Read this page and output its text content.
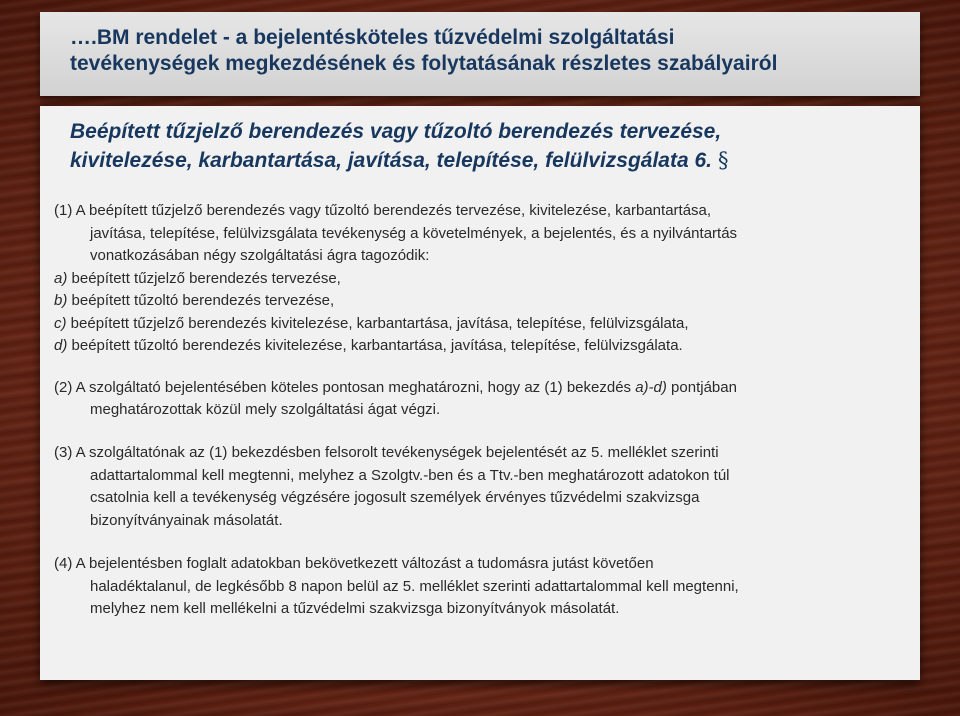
….BM rendelet - a bejelentésköteles tűzvédelmi szolgáltatási
tevékenységek megkezdésének és folytatásának részletes szabályairól
Beépített tűzjelző berendezés vagy tűzoltó berendezés tervezése,
kivitelezése, karbantartása, javítása, telepítése, felülvizsgálata 6. §
(1) A beépített tűzjelző berendezés vagy tűzoltó berendezés tervezése, kivitelezése, karbantartása,
javítása, telepítése, felülvizsgálata tevékenység a követelmények, a bejelentés, és a nyilvántartás
vonatkozásában négy szolgáltatási ágra tagozódik:
a) beépített tűzjelző berendezés tervezése,
b) beépített tűzoltó berendezés tervezése,
c) beépített tűzjelző berendezés kivitelezése, karbantartása, javítása, telepítése, felülvizsgálata,
d) beépített tűzoltó berendezés kivitelezése, karbantartása, javítása, telepítése, felülvizsgálata.
(2) A szolgáltató bejelentésében köteles pontosan meghatározni, hogy az (1) bekezdés a)-d) pontjában
meghatározottak közül mely szolgáltatási ágat végzi.
(3) A szolgáltatónak az (1) bekezdésben felsorolt tevékenységek bejelentését az 5. melléklet szerinti
adattartalommal kell megtenni, melyhez a Szolgtv.-ben és a Ttv.-ben meghatározott adatokon túl
csatolnia kell a tevékenység végzésére jogosult személyek érvényes tűzvédelmi szakvizsga
bizonyítványainak másolatát.
(4) A bejelentésben foglalt adatokban bekövetkezett változást a tudomásra jutást követően
haladéktalanul, de legkésőbb 8 napon belül az 5. melléklet szerinti adattartalommal kell megtenni,
melyhez nem kell mellékelni a tűzvédelmi szakvizsga bizonyítványok másolatát.
